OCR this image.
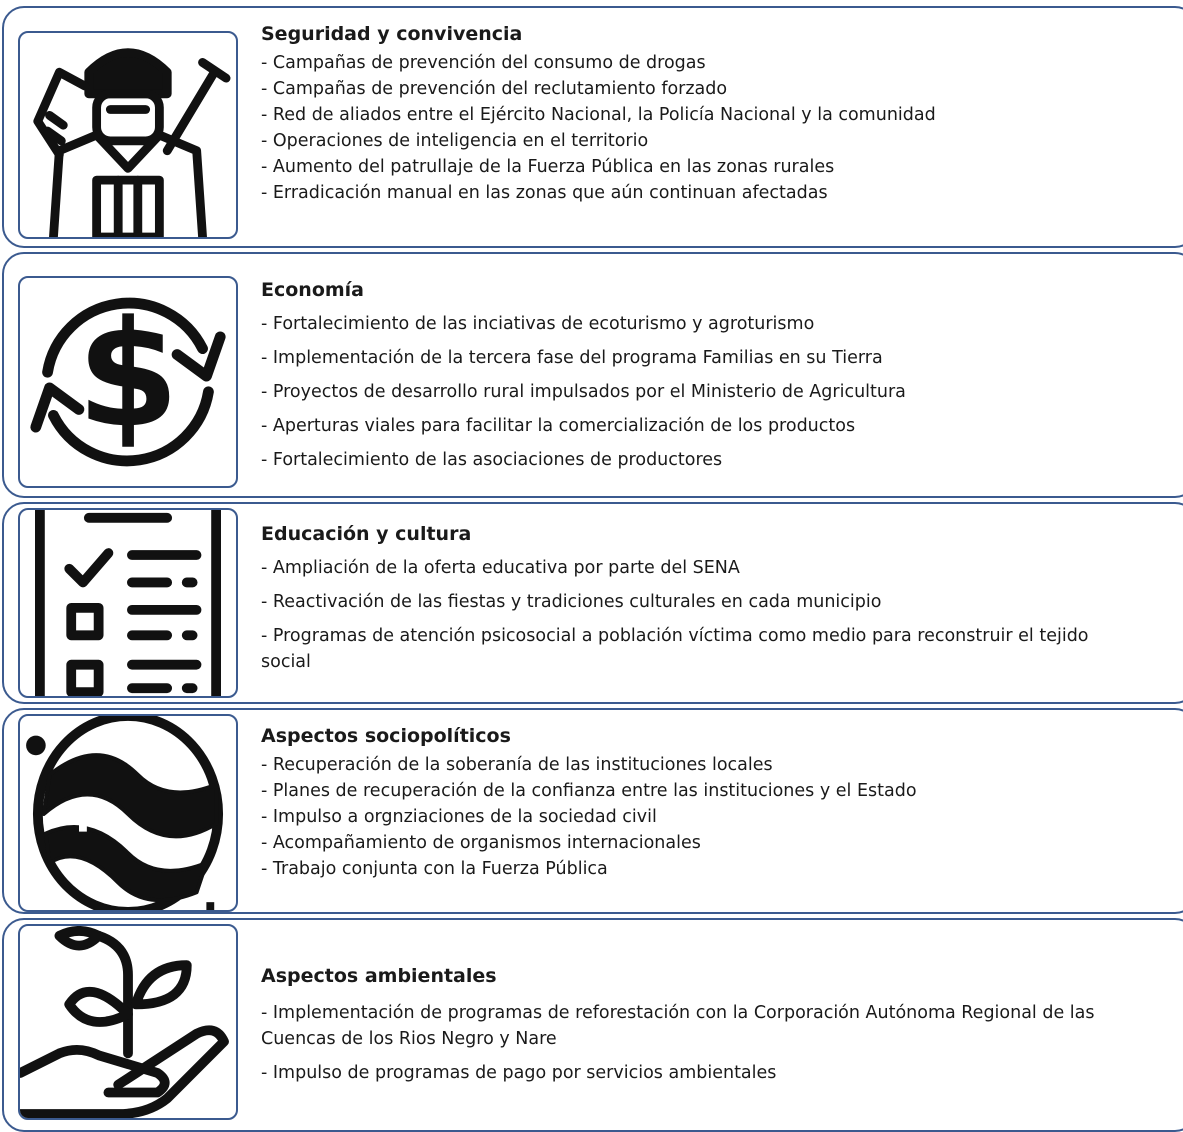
Seguridad y convivencia
- Campañas de prevención del consumo de drogas
- Campañas de prevención del reclutamiento forzado
- Red de aliados entre el Ejército Nacional, la Policía Nacional y la comunidad
- Operaciones de inteligencia en el territorio
- Aumento del patrullaje de la Fuerza Pública en las zonas rurales
- Erradicación manual en las zonas que aún continuan afectadas
$	Economía
- Fortalecimiento de las inciativas de ecoturismo y agroturismo
- Implementación de la tercera fase del programa Familias en su Tierra
- Proyectos de desarrollo rural impulsados por el Ministerio de Agricultura
- Aperturas viales para facilitar la comercialización de los productos
- Fortalecimiento de las asociaciones de productores
Educación y cultura
- Ampliación de la oferta educativa por parte del SENA
- Reactivación de las fiestas y tradiciones culturales en cada municipio
- Programas de atención psicosocial a población víctima como medio para reconstruir el tejido social
Aspectos sociopolíticos
- Recuperación de la soberanía de las instituciones locales
- Planes de recuperación de la confianza entre las instituciones y el Estado
- Impulso a orgnziaciones de la sociedad civil
- Acompañamiento de organismos internacionales
- Trabajo conjunta con la Fuerza Pública
Aspectos ambientales
- Implementación de programas de reforestación con la Corporación Autónoma Regional de las Cuencas de los Rios Negro y Nare
- Impulso de programas de pago por servicios ambientales
